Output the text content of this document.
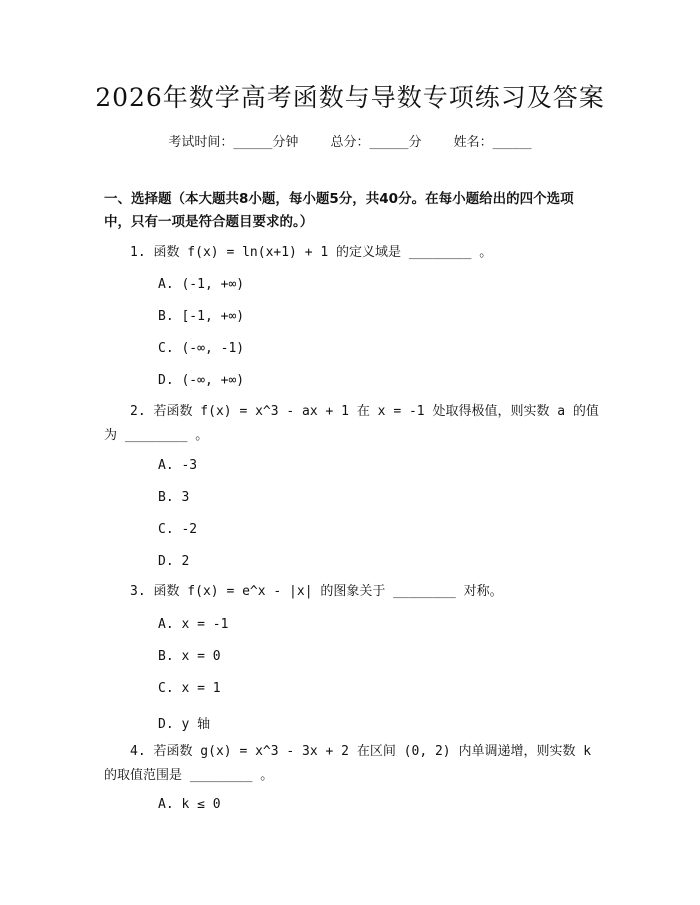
2026年数学高考函数与导数专项练习及答案
考试时间：______分钟 总分：______分 姓名：______
一、选择题（本大题共8小题，每小题5分，共40分。在每小题给出的四个选项中，只有一项是符合题目要求的。）
1. 函数 f(x) = ln(x+1) + 1 的定义域是 ________ 。
A. (-1, +∞)
B. [-1, +∞)
C. (-∞, -1)
D. (-∞, +∞)
2. 若函数 f(x) = x^3 - ax + 1 在 x = -1 处取得极值，则实数 a 的值为 ________ 。
A. -3
B. 3
C. -2
D. 2
3. 函数 f(x) = e^x - |x| 的图象关于 ________ 对称。
A. x = -1
B. x = 0
C. x = 1
D. y 轴
4. 若函数 g(x) = x^3 - 3x + 2 在区间 (0, 2) 内单调递增，则实数 k 的取值范围是 ________ 。
A. k ≤ 0
